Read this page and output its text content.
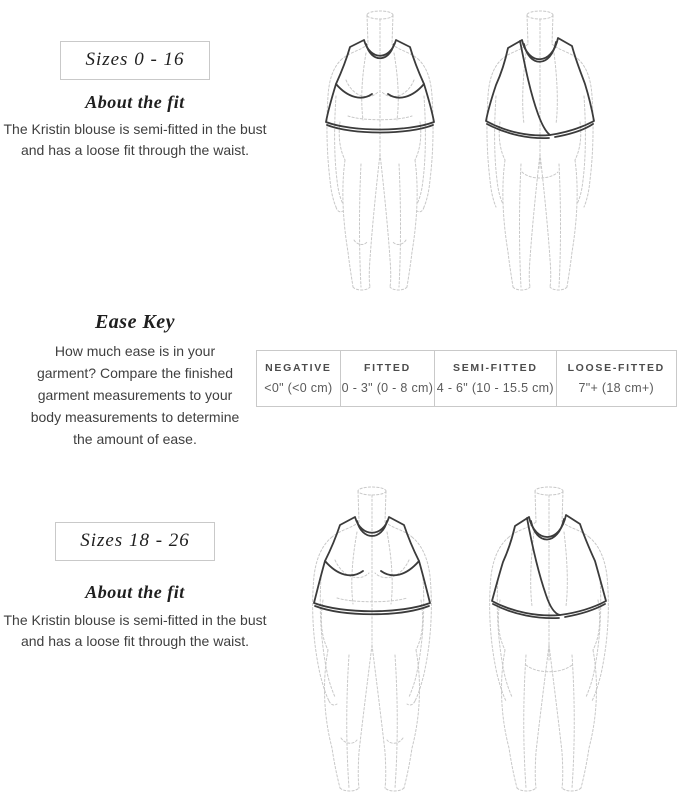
Sizes 0 - 16
About the fit
The Kristin blouse is semi-fitted in the bust
and has a loose fit through the waist.
Ease Key
How much ease is in your
garment? Compare the finished
garment measurements to your
body measurements to determine
the amount of ease.
NEGATIVE
<0" (<0 cm)
FITTED
0 - 3" (0 - 8 cm)
SEMI-FITTED
4 - 6" (10 - 15.5 cm)
LOOSE-FITTED
7"+ (18 cm+)
Sizes 18 - 26
About the fit
The Kristin blouse is semi-fitted in the bust
and has a loose fit through the waist.
